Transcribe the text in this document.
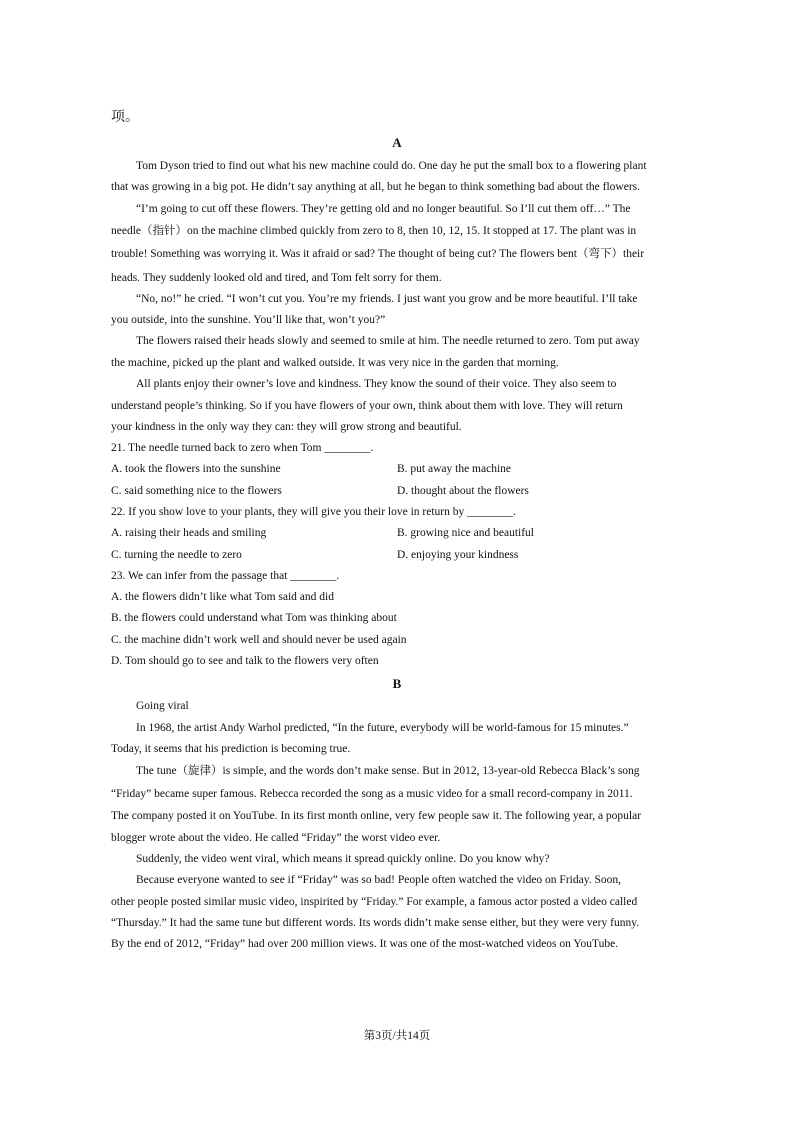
项。
A
Tom Dyson tried to find out what his new machine could do. One day he put the small box to a flowering plant
that was growing in a big pot. He didn’t say anything at all, but he began to think something bad about the flowers.
“I’m going to cut off these flowers. They’re getting old and no longer beautiful. So I’ll cut them off…” The
needle（指针）on the machine climbed quickly from zero to 8, then 10, 12, 15. It stopped at 17. The plant was in
trouble! Something was worrying it. Was it afraid or sad? The thought of being cut? The flowers bent（弯下）their
heads. They suddenly looked old and tired, and Tom felt sorry for them.
“No, no!” he cried. “I won’t cut you. You’re my friends. I just want you grow and be more beautiful. I’ll take
you outside, into the sunshine. You’ll like that, won’t you?”
The flowers raised their heads slowly and seemed to smile at him. The needle returned to zero. Tom put away
the machine, picked up the plant and walked outside. It was very nice in the garden that morning.
All plants enjoy their owner’s love and kindness. They know the sound of their voice. They also seem to
understand people’s thinking. So if you have flowers of your own, think about them with love. They will return
your kindness in the only way they can: they will grow strong and beautiful.
21. The needle turned back to zero when Tom ________.
A. took the flowers into the sunshine	B. put away the machine
C. said something nice to the flowers	D. thought about the flowers
22. If you show love to your plants, they will give you their love in return by ________.
A. raising their heads and smiling	B. growing nice and beautiful
C. turning the needle to zero	D. enjoying your kindness
23. We can infer from the passage that ________.
A. the flowers didn’t like what Tom said and did
B. the flowers could understand what Tom was thinking about
C. the machine didn’t work well and should never be used again
D. Tom should go to see and talk to the flowers very often
B
Going viral
In 1968, the artist Andy Warhol predicted, “In the future, everybody will be world-famous for 15 minutes.”
Today, it seems that his prediction is becoming true.
The tune（旋律）is simple, and the words don’t make sense. But in 2012, 13-year-old Rebecca Black’s song
“Friday” became super famous. Rebecca recorded the song as a music video for a small record-company in 2011.
The company posted it on YouTube. In its first month online, very few people saw it. The following year, a popular
blogger wrote about the video. He called “Friday” the worst video ever.
Suddenly, the video went viral, which means it spread quickly online. Do you know why?
Because everyone wanted to see if “Friday” was so bad! People often watched the video on Friday. Soon,
other people posted similar music video, inspirited by “Friday.” For example, a famous actor posted a video called
“Thursday.” It had the same tune but different words. Its words didn’t make sense either, but they were very funny.
By the end of 2012, “Friday” had over 200 million views. It was one of the most-watched videos on YouTube.
第3页/共14页
